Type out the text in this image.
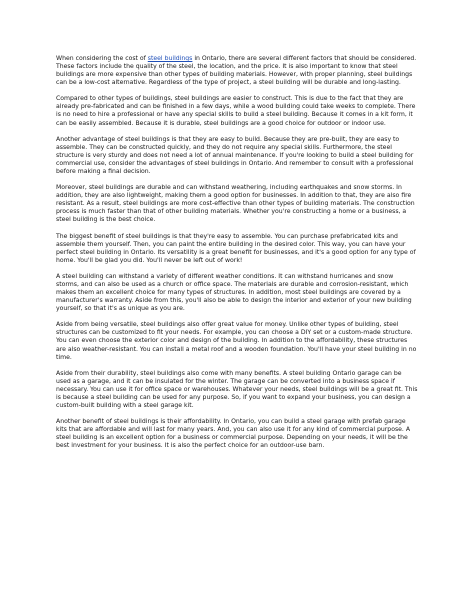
When considering the cost of steel buildings in Ontario, there are several different factors that should be considered. These factors include the quality of the steel, the location, and the price. It is also important to know that steel buildings are more expensive than other types of building materials. However, with proper planning, steel buildings can be a low-cost alternative. Regardless of the type of project, a steel building will be durable and long-lasting.

Compared to other types of buildings, steel buildings are easier to construct. This is due to the fact that they are already pre-fabricated and can be finished in a few days, while a wood building could take weeks to complete. There is no need to hire a professional or have any special skills to build a steel building. Because it comes in a kit form, it can be easily assembled. Because it is durable, steel buildings are a good choice for outdoor or indoor use.

Another advantage of steel buildings is that they are easy to build. Because they are pre-built, they are easy to assemble. They can be constructed quickly, and they do not require any special skills. Furthermore, the steel structure is very sturdy and does not need a lot of annual maintenance. If you're looking to build a steel building for commercial use, consider the advantages of steel buildings in Ontario. And remember to consult with a professional before making a final decision.

Moreover, steel buildings are durable and can withstand weathering, including earthquakes and snow storms. In addition, they are also lightweight, making them a good option for businesses. In addition to that, they are also fire resistant. As a result, steel buildings are more cost-effective than other types of building materials. The construction process is much faster than that of other building materials. Whether you're constructing a home or a business, a steel building is the best choice.

The biggest benefit of steel buildings is that they're easy to assemble. You can purchase prefabricated kits and assemble them yourself. Then, you can paint the entire building in the desired color. This way, you can have your perfect steel building in Ontario. Its versatility is a great benefit for businesses, and it's a good option for any type of home. You'll be glad you did. You'll never be left out of work!

A steel building can withstand a variety of different weather conditions. It can withstand hurricanes and snow storms, and can also be used as a church or office space. The materials are durable and corrosion-resistant, which makes them an excellent choice for many types of structures. In addition, most steel buildings are covered by a manufacturer's warranty. Aside from this, you'll also be able to design the interior and exterior of your new building yourself, so that it's as unique as you are.

Aside from being versatile, steel buildings also offer great value for money. Unlike other types of building, steel structures can be customized to fit your needs. For example, you can choose a DIY set or a custom-made structure. You can even choose the exterior color and design of the building. In addition to the affordability, these structures are also weather-resistant. You can install a metal roof and a wooden foundation. You'll have your steel building in no time.

Aside from their durability, steel buildings also come with many benefits. A steel building Ontario garage can be used as a garage, and it can be insulated for the winter. The garage can be converted into a business space if necessary. You can use it for office space or warehouses. Whatever your needs, steel buildings will be a great fit. This is because a steel building can be used for any purpose. So, if you want to expand your business, you can design a custom-built building with a steel garage kit.

Another benefit of steel buildings is their affordability. In Ontario, you can build a steel garage with prefab garage kits that are affordable and will last for many years. And, you can also use it for any kind of commercial purpose. A steel building is an excellent option for a business or commercial purpose. Depending on your needs, it will be the best investment for your business. It is also the perfect choice for an outdoor-use barn.
